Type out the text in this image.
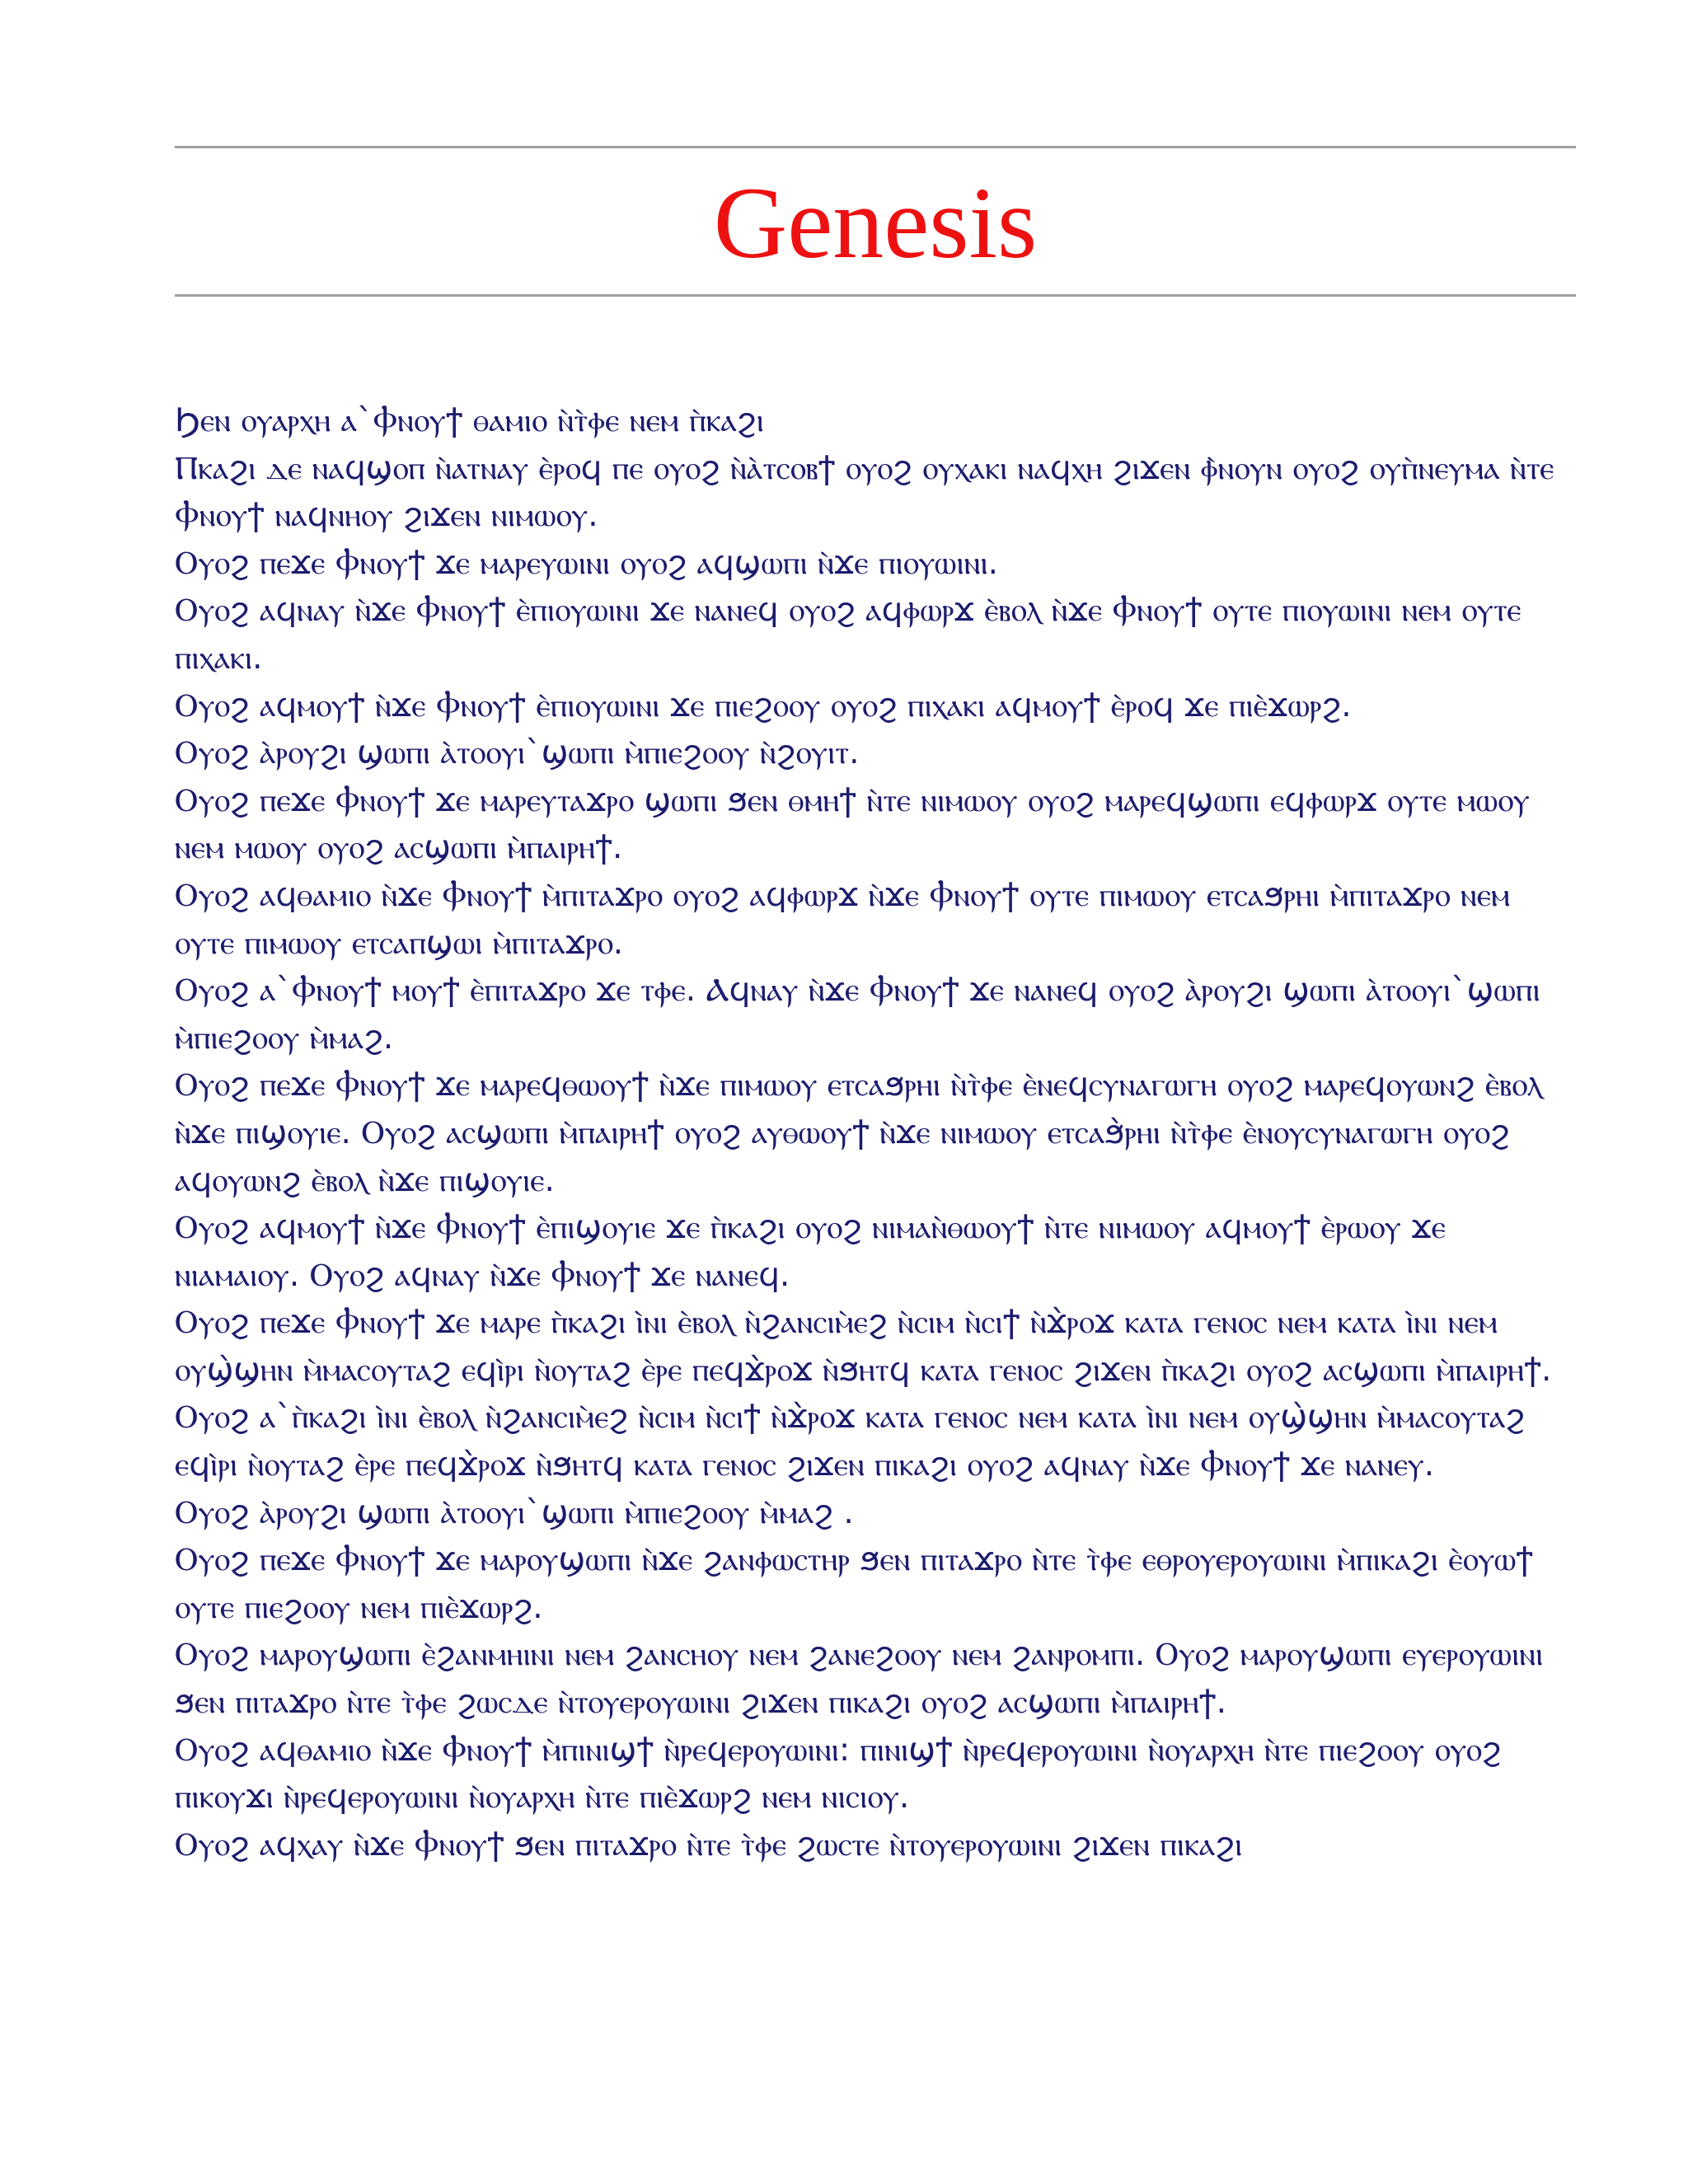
Genesis

Ϧⲉⲛ ⲟⲩⲁⲣⲭⲏ ⲁ`Ⲫⲛⲟⲩϯ ⲑⲁⲙⲓⲟ ⲛ̀ⲧ̀ⲫⲉ ⲛⲉⲙ ⲡ̀ⲕⲁϩⲓ

Ⲡⲕⲁϩⲓ ⲇⲉ ⲛⲁϥϣⲟⲡ ⲛ̀ⲁⲧⲛⲁⲩ ⲉ̀ⲣⲟϥ ⲡⲉ ⲟⲩⲟϩ ⲛ̀ⲁ̀ⲧⲥⲟⲃϯ ⲟⲩⲟϩ ⲟⲩⲭⲁⲕⲓ ⲛⲁϥⲭⲏ ϩⲓϫⲉⲛ ⲫ̀ⲛⲟⲩⲛ ⲟⲩⲟϩ ⲟⲩⲡ̀ⲛⲉⲩⲙⲁ ⲛ̀ⲧⲉ Ⲫⲛⲟⲩϯ ⲛⲁϥⲛⲏⲟⲩ ϩⲓϫⲉⲛ ⲛⲓⲙⲱⲟⲩ.

Ⲟⲩⲟϩ ⲡⲉϫⲉ Ⲫⲛⲟⲩϯ ϫⲉ ⲙⲁⲣⲉⲩⲱⲓⲛⲓ ⲟⲩⲟϩ ⲁϥϣⲱⲡⲓ ⲛ̀ϫⲉ ⲡⲓⲟⲩⲱⲓⲛⲓ.

Ⲟⲩⲟϩ ⲁϥⲛⲁⲩ ⲛ̀ϫⲉ Ⲫⲛⲟⲩϯ ⲉ̀ⲡⲓⲟⲩⲱⲓⲛⲓ ϫⲉ ⲛⲁⲛⲉϥ ⲟⲩⲟϩ ⲁϥⲫⲱⲣϫ ⲉ̀ⲃⲟⲗ ⲛ̀ϫⲉ Ⲫⲛⲟⲩϯ ⲟⲩⲧⲉ ⲡⲓⲟⲩⲱⲓⲛⲓ ⲛⲉⲙ ⲟⲩⲧⲉ ⲡⲓⲭⲁⲕⲓ.

Ⲟⲩⲟϩ ⲁϥⲙⲟⲩϯ ⲛ̀ϫⲉ Ⲫⲛⲟⲩϯ ⲉ̀ⲡⲓⲟⲩⲱⲓⲛⲓ ϫⲉ ⲡⲓⲉϩⲟⲟⲩ ⲟⲩⲟϩ ⲡⲓⲭⲁⲕⲓ ⲁϥⲙⲟⲩϯ ⲉ̀ⲣⲟϥ ϫⲉ ⲡⲓⲉ̀ϫⲱⲣϩ.

Ⲟⲩⲟϩ ⲁ̀ⲣⲟⲩϩⲓ ϣⲱⲡⲓ ⲁ̀ⲧⲟⲟⲩⲓ`ϣⲱⲡⲓ ⲙ̀ⲡⲓⲉϩⲟⲟⲩ ⲛ̀ϩⲟⲩⲓⲧ.

Ⲟⲩⲟϩ ⲡⲉϫⲉ Ⲫⲛⲟⲩϯ ϫⲉ ⲙⲁⲣⲉⲩⲧⲁϫⲣⲟ ϣⲱⲡⲓ ϧⲉⲛ ⲑⲙⲏϯ ⲛ̀ⲧⲉ ⲛⲓⲙⲱⲟⲩ ⲟⲩⲟϩ ⲙⲁⲣⲉϥϣⲱⲡⲓ ⲉϥⲫⲱⲣϫ ⲟⲩⲧⲉ ⲙⲱⲟⲩ ⲛⲉⲙ ⲙⲱⲟⲩ ⲟⲩⲟϩ ⲁⲥϣⲱⲡⲓ ⲙ̀ⲡⲁⲓⲣⲏϯ.

Ⲟⲩⲟϩ ⲁϥⲑⲁⲙⲓⲟ ⲛ̀ϫⲉ Ⲫⲛⲟⲩϯ ⲙ̀ⲡⲓⲧⲁϫⲣⲟ ⲟⲩⲟϩ ⲁϥⲫⲱⲣϫ ⲛ̀ϫⲉ Ⲫⲛⲟⲩϯ ⲟⲩⲧⲉ ⲡⲓⲙⲱⲟⲩ ⲉⲧⲥⲁϧⲣⲏⲓ ⲙ̀ⲡⲓⲧⲁϫⲣⲟ ⲛⲉⲙ ⲟⲩⲧⲉ ⲡⲓⲙⲱⲟⲩ ⲉⲧⲥⲁⲡϣⲱⲓ ⲙ̀ⲡⲓⲧⲁϫⲣⲟ.

Ⲟⲩⲟϩ ⲁ`Ⲫⲛⲟⲩϯ ⲙⲟⲩϯ ⲉ̀ⲡⲓⲧⲁϫⲣⲟ ϫⲉ ⲧⲫⲉ. Ⲁϥⲛⲁⲩ ⲛ̀ϫⲉ Ⲫⲛⲟⲩϯ ϫⲉ ⲛⲁⲛⲉϥ ⲟⲩⲟϩ ⲁ̀ⲣⲟⲩϩⲓ ϣⲱⲡⲓ ⲁ̀ⲧⲟⲟⲩⲓ`ϣⲱⲡⲓ ⲙ̀ⲡⲓⲉϩⲟⲟⲩ ⲙ̀ⲙⲁϩ.

Ⲟⲩⲟϩ ⲡⲉϫⲉ Ⲫⲛⲟⲩϯ ϫⲉ ⲙⲁⲣⲉϥⲑⲱⲟⲩϯ ⲛ̀ϫⲉ ⲡⲓⲙⲱⲟⲩ ⲉⲧⲥⲁϧⲣⲏⲓ ⲛ̀ⲧ̀ⲫⲉ ⲉ̀ⲛⲉϥⲥⲩⲛⲁⲅⲱⲅⲏ ⲟⲩⲟϩ ⲙⲁⲣⲉϥⲟⲩⲱⲛϩ ⲉ̀ⲃⲟⲗ ⲛ̀ϫⲉ ⲡⲓϣⲟⲩⲓⲉ. Ⲟⲩⲟϩ ⲁⲥϣⲱⲡⲓ ⲙ̀ⲡⲁⲓⲣⲏϯ ⲟⲩⲟϩ ⲁⲩⲑⲱⲟⲩϯ ⲛ̀ϫⲉ ⲛⲓⲙⲱⲟⲩ ⲉⲧⲥⲁϧ̀ⲣⲏⲓ ⲛ̀ⲧ̀ⲫⲉ ⲉ̀ⲛⲟⲩⲥⲩⲛⲁⲅⲱⲅⲏ ⲟⲩⲟϩ ⲁϥⲟⲩⲱⲛϩ ⲉ̀ⲃⲟⲗ ⲛ̀ϫⲉ ⲡⲓϣⲟⲩⲓⲉ.

Ⲟⲩⲟϩ ⲁϥⲙⲟⲩϯ ⲛ̀ϫⲉ Ⲫⲛⲟⲩϯ ⲉ̀ⲡⲓϣⲟⲩⲓⲉ ϫⲉ ⲡ̀ⲕⲁϩⲓ ⲟⲩⲟϩ ⲛⲓⲙⲁⲛ̀ⲑⲱⲟⲩϯ ⲛ̀ⲧⲉ ⲛⲓⲙⲱⲟⲩ ⲁϥⲙⲟⲩϯ ⲉ̀ⲣⲱⲟⲩ ϫⲉ ⲛⲓⲁⲙⲁⲓⲟⲩ. Ⲟⲩⲟϩ ⲁϥⲛⲁⲩ ⲛ̀ϫⲉ Ⲫⲛⲟⲩϯ ϫⲉ ⲛⲁⲛⲉϥ.

Ⲟⲩⲟϩ ⲡⲉϫⲉ Ⲫⲛⲟⲩϯ ϫⲉ ⲙⲁⲣⲉ ⲡ̀ⲕⲁϩⲓ ⲓ̀ⲛⲓ ⲉ̀ⲃⲟⲗ ⲛ̀ϩⲁⲛⲥⲓⲙ̀ⲉϩ ⲛ̀ⲥⲓⲙ ⲛ̀ⲥⲓϯ ⲛ̀ϫ̀ⲣⲟϫ ⲕⲁⲧⲁ ⲅⲉⲛⲟⲥ ⲛⲉⲙ ⲕⲁⲧⲁ ⲓ̀ⲛⲓ ⲛⲉⲙ ⲟⲩϣ̀ϣⲏⲛ ⲙ̀ⲙⲁⲥⲟⲩⲧⲁϩ ⲉϥⲓ̀ⲣⲓ ⲛ̀ⲟⲩⲧⲁϩ ⲉ̀ⲣⲉ ⲡⲉϥϫ̀ⲣⲟϫ ⲛ̀ϧⲏⲧϥ ⲕⲁⲧⲁ ⲅⲉⲛⲟⲥ ϩⲓϫⲉⲛ ⲡ̀ⲕⲁϩⲓ ⲟⲩⲟϩ ⲁⲥϣⲱⲡⲓ ⲙ̀ⲡⲁⲓⲣⲏϯ.

Ⲟⲩⲟϩ ⲁ`ⲡ̀ⲕⲁϩⲓ ⲓ̀ⲛⲓ ⲉ̀ⲃⲟⲗ ⲛ̀ϩⲁⲛⲥⲓⲙ̀ⲉϩ ⲛ̀ⲥⲓⲙ ⲛ̀ⲥⲓϯ ⲛ̀ϫ̀ⲣⲟϫ ⲕⲁⲧⲁ ⲅⲉⲛⲟⲥ ⲛⲉⲙ ⲕⲁⲧⲁ ⲓ̀ⲛⲓ ⲛⲉⲙ ⲟⲩϣ̀ϣⲏⲛ ⲙ̀ⲙⲁⲥⲟⲩⲧⲁϩ ⲉϥⲓ̀ⲣⲓ ⲛ̀ⲟⲩⲧⲁϩ ⲉ̀ⲣⲉ ⲡⲉϥϫ̀ⲣⲟϫ ⲛ̀ϧⲏⲧϥ ⲕⲁⲧⲁ ⲅⲉⲛⲟⲥ ϩⲓϫⲉⲛ ⲡⲓⲕⲁϩⲓ ⲟⲩⲟϩ ⲁϥⲛⲁⲩ ⲛ̀ϫⲉ Ⲫⲛⲟⲩϯ ϫⲉ ⲛⲁⲛⲉⲩ.

Ⲟⲩⲟϩ ⲁ̀ⲣⲟⲩϩⲓ ϣⲱⲡⲓ ⲁ̀ⲧⲟⲟⲩⲓ`ϣⲱⲡⲓ ⲙ̀ⲡⲓⲉϩⲟⲟⲩ ⲙ̀ⲙⲁϩ .

Ⲟⲩⲟϩ ⲡⲉϫⲉ Ⲫⲛⲟⲩϯ ϫⲉ ⲙⲁⲣⲟⲩϣⲱⲡⲓ ⲛ̀ϫⲉ ϩⲁⲛⲫⲱⲥⲧⲏⲣ ϧⲉⲛ ⲡⲓⲧⲁϫⲣⲟ ⲛ̀ⲧⲉ ⲧ̀ⲫⲉ ⲉⲑⲣⲟⲩⲉⲣⲟⲩⲱⲓⲛⲓ ⲙ̀ⲡⲓⲕⲁϩⲓ ⲉ̀ⲟⲩⲱϯ ⲟⲩⲧⲉ ⲡⲓⲉϩⲟⲟⲩ ⲛⲉⲙ ⲡⲓⲉ̀ϫⲱⲣϩ.

Ⲟⲩⲟϩ ⲙⲁⲣⲟⲩϣⲱⲡⲓ ⲉ̀ϩⲁⲛⲙⲏⲓⲛⲓ ⲛⲉⲙ ϩⲁⲛⲥⲏⲟⲩ ⲛⲉⲙ ϩⲁⲛⲉϩⲟⲟⲩ ⲛⲉⲙ ϩⲁⲛⲣⲟⲙⲡⲓ. Ⲟⲩⲟϩ ⲙⲁⲣⲟⲩϣⲱⲡⲓ ⲉⲩⲉⲣⲟⲩⲱⲓⲛⲓ ϧⲉⲛ ⲡⲓⲧⲁϫⲣⲟ ⲛ̀ⲧⲉ ⲧ̀ⲫⲉ ϩⲱⲥⲇⲉ ⲛ̀ⲧⲟⲩⲉⲣⲟⲩⲱⲓⲛⲓ ϩⲓϫⲉⲛ ⲡⲓⲕⲁϩⲓ ⲟⲩⲟϩ ⲁⲥϣⲱⲡⲓ ⲙ̀ⲡⲁⲓⲣⲏϯ.

Ⲟⲩⲟϩ ⲁϥⲑⲁⲙⲓⲟ ⲛ̀ϫⲉ Ⲫⲛⲟⲩϯ ⲙ̀ⲡⲓⲛⲓϣϯ ⲛ̀ⲣⲉϥⲉⲣⲟⲩⲱⲓⲛⲓ: ⲡⲓⲛⲓϣϯ ⲛ̀ⲣⲉϥⲉⲣⲟⲩⲱⲓⲛⲓ ⲛ̀ⲟⲩⲁⲣⲭⲏ ⲛ̀ⲧⲉ ⲡⲓⲉϩⲟⲟⲩ ⲟⲩⲟϩ ⲡⲓⲕⲟⲩϫⲓ ⲛ̀ⲣⲉϥⲉⲣⲟⲩⲱⲓⲛⲓ ⲛ̀ⲟⲩⲁⲣⲭⲏ ⲛ̀ⲧⲉ ⲡⲓⲉ̀ϫⲱⲣϩ ⲛⲉⲙ ⲛⲓⲥⲓⲟⲩ.

Ⲟⲩⲟϩ ⲁϥⲭⲁⲩ ⲛ̀ϫⲉ Ⲫⲛⲟⲩϯ ϧⲉⲛ ⲡⲓⲧⲁϫⲣⲟ ⲛ̀ⲧⲉ ⲧ̀ⲫⲉ ϩⲱⲥⲧⲉ ⲛ̀ⲧⲟⲩⲉⲣⲟⲩⲱⲓⲛⲓ ϩⲓϫⲉⲛ ⲡⲓⲕⲁϩⲓ
